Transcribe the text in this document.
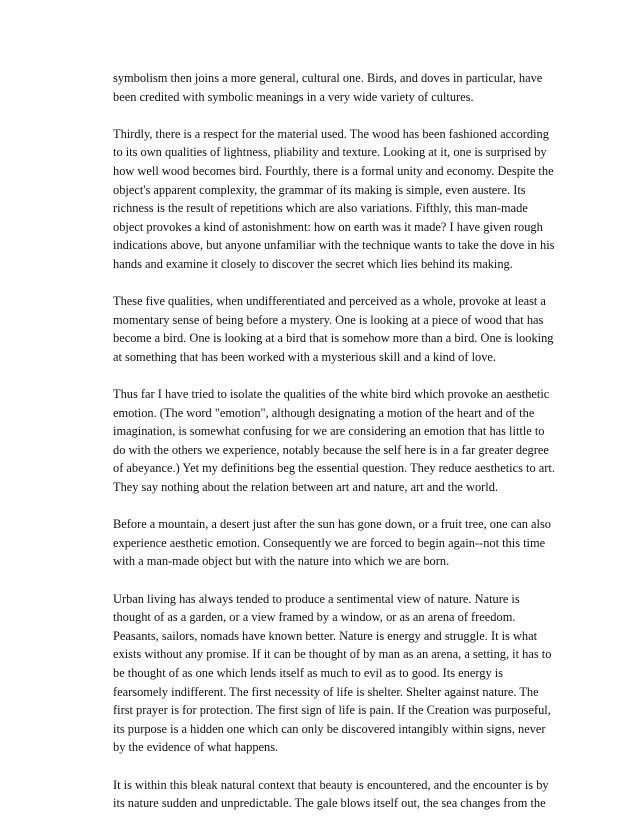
symbolism then joins a more general, cultural one. Birds, and doves in particular, have
been credited with symbolic meanings in a very wide variety of cultures.

Thirdly, there is a respect for the material used. The wood has been fashioned according
to its own qualities of lightness, pliability and texture. Looking at it, one is surprised by
how well wood becomes bird. Fourthly, there is a formal unity and economy. Despite the
object's apparent complexity, the grammar of its making is simple, even austere. Its
richness is the result of repetitions which are also variations. Fifthly, this man-made
object provokes a kind of astonishment: how on earth was it made? I have given rough
indications above, but anyone unfamiliar with the technique wants to take the dove in his
hands and examine it closely to discover the secret which lies behind its making.

These five qualities, when undifferentiated and perceived as a whole, provoke at least a
momentary sense of being before a mystery. One is looking at a piece of wood that has
become a bird. One is looking at a bird that is somehow more than a bird. One is looking
at something that has been worked with a mysterious skill and a kind of love.

Thus far I have tried to isolate the qualities of the white bird which provoke an aesthetic
emotion. (The word "emotion", although designating a motion of the heart and of the
imagination, is somewhat confusing for we are considering an emotion that has little to
do with the others we experience, notably because the self here is in a far greater degree
of abeyance.) Yet my definitions beg the essential question. They reduce aesthetics to art.
They say nothing about the relation between art and nature, art and the world.

Before a mountain, a desert just after the sun has gone down, or a fruit tree, one can also
experience aesthetic emotion. Consequently we are forced to begin again--not this time
with a man-made object but with the nature into which we are born.

Urban living has always tended to produce a sentimental view of nature. Nature is
thought of as a garden, or a view framed by a window, or as an arena of freedom.
Peasants, sailors, nomads have known better. Nature is energy and struggle. It is what
exists without any promise. If it can be thought of by man as an arena, a setting, it has to
be thought of as one which lends itself as much to evil as to good. Its energy is
fearsomely indifferent. The first necessity of life is shelter. Shelter against nature. The
first prayer is for protection. The first sign of life is pain. If the Creation was purposeful,
its purpose is a hidden one which can only be discovered intangibly within signs, never
by the evidence of what happens.

It is within this bleak natural context that beauty is encountered, and the encounter is by
its nature sudden and unpredictable. The gale blows itself out, the sea changes from the
